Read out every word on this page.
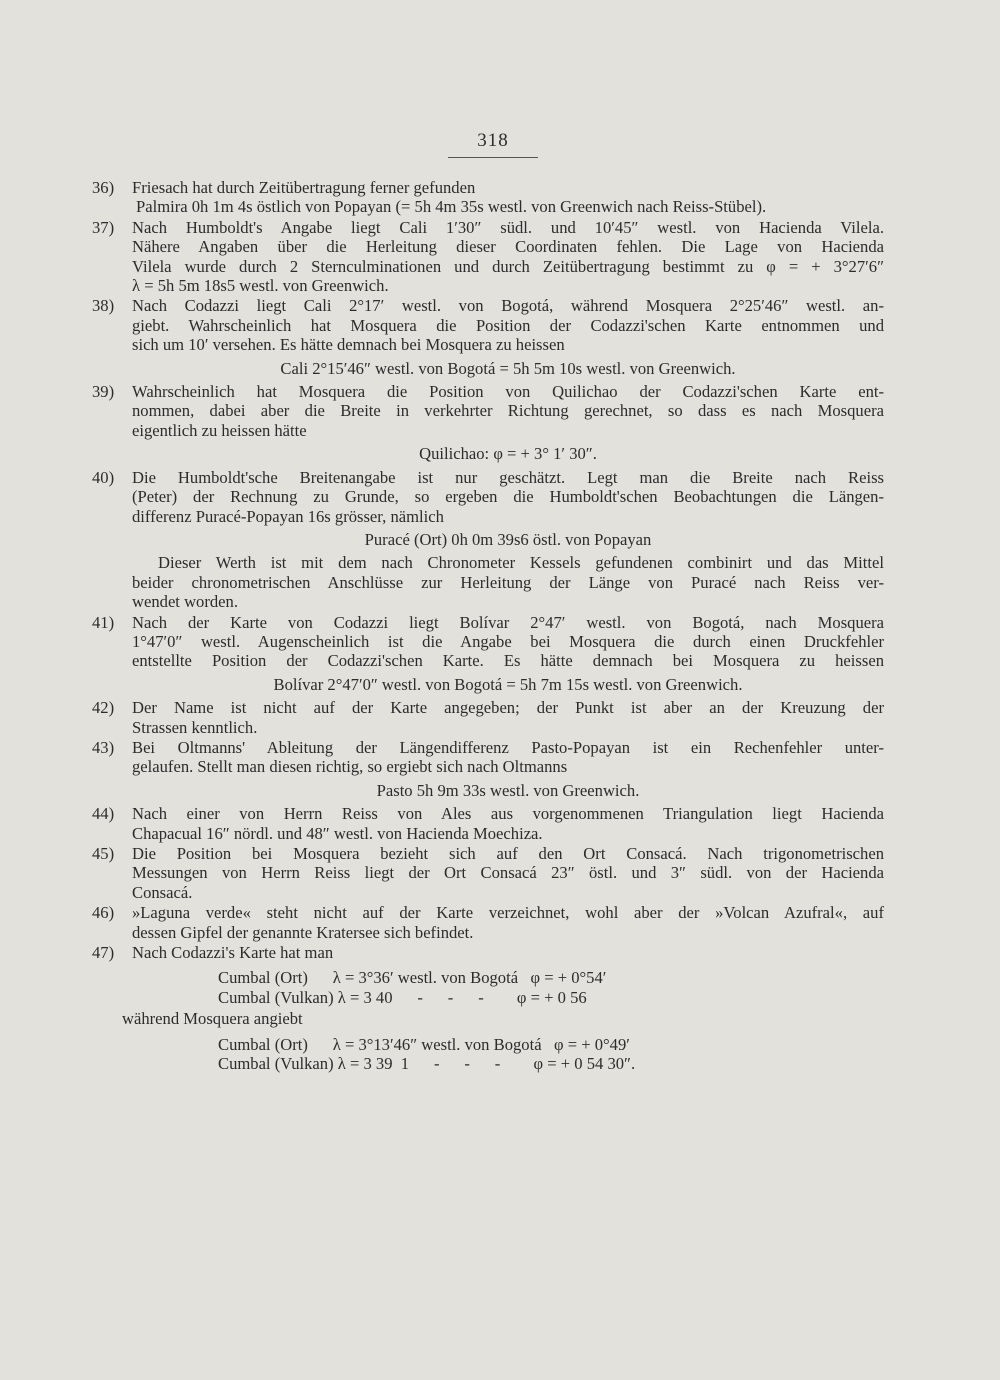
318
36) Friesach hat durch Zeitübertragung ferner gefunden
Palmira 0h 1m 4s östlich von Popayan (= 5h 4m 35s westl. von Greenwich nach Reiss-Stübel).
37) Nach Humboldt's Angabe liegt Cali 1′30″ südl. und 10′45″ westl. von Hacienda Vilela.
Nähere Angaben über die Herleitung dieser Coordinaten fehlen. Die Lage von Hacienda
Vilela wurde durch 2 Sternculminationen und durch Zeitübertragung bestimmt zu φ = + 3°27′6″
λ = 5h 5m 18s5 westl. von Greenwich.
38) Nach Codazzi liegt Cali 2°17′ westl. von Bogotá, während Mosquera 2°25′46″ westl. an-
giebt. Wahrscheinlich hat Mosquera die Position der Codazzi'schen Karte entnommen und
sich um 10′ versehen. Es hätte demnach bei Mosquera zu heissen
Cali 2°15′46″ westl. von Bogotá = 5h 5m 10s westl. von Greenwich.
39) Wahrscheinlich hat Mosquera die Position von Quilichao der Codazzi'schen Karte ent-
nommen, dabei aber die Breite in verkehrter Richtung gerechnet, so dass es nach Mosquera
eigentlich zu heissen hätte
Quilichao: φ = + 3° 1′ 30″.
40) Die Humboldt'sche Breitenangabe ist nur geschätzt. Legt man die Breite nach Reiss
(Peter) der Rechnung zu Grunde, so ergeben die Humboldt'schen Beobachtungen die Längen-
differenz Puracé-Popayan 16s grösser, nämlich
Puracé (Ort) 0h 0m 39s6 östl. von Popayan
Dieser Werth ist mit dem nach Chronometer Kessels gefundenen combinirt und das Mittel
beider chronometrischen Anschlüsse zur Herleitung der Länge von Puracé nach Reiss ver-
wendet worden.
41) Nach der Karte von Codazzi liegt Bolívar 2°47′ westl. von Bogotá, nach Mosquera
1°47′0″ westl. Augenscheinlich ist die Angabe bei Mosquera die durch einen Druckfehler
entstellte Position der Codazzi'schen Karte. Es hätte demnach bei Mosquera zu heissen
Bolívar 2°47′0″ westl. von Bogotá = 5h 7m 15s westl. von Greenwich.
42) Der Name ist nicht auf der Karte angegeben; der Punkt ist aber an der Kreuzung der
Strassen kenntlich.
43) Bei Oltmanns' Ableitung der Längendifferenz Pasto-Popayan ist ein Rechenfehler unter-
gelaufen. Stellt man diesen richtig, so ergiebt sich nach Oltmanns
Pasto 5h 9m 33s westl. von Greenwich.
44) Nach einer von Herrn Reiss von Ales aus vorgenommenen Triangulation liegt Hacienda
Chapacual 16″ nördl. und 48″ westl. von Hacienda Moechiza.
45) Die Position bei Mosquera bezieht sich auf den Ort Consacá. Nach trigonometrischen
Messungen von Herrn Reiss liegt der Ort Consacá 23″ östl. und 3″ südl. von der Hacienda
Consacá.
46) »Laguna verde« steht nicht auf der Karte verzeichnet, wohl aber der »Volcan Azufral«, auf
dessen Gipfel der genannte Kratersee sich befindet.
47) Nach Codazzi's Karte hat man
Cumbal (Ort)      λ = 3°36′ westl. von Bogotá   φ = + 0°54′
Cumbal (Vulkan) λ = 3 40      -      -      -        φ = + 0 56
während Mosquera angiebt
Cumbal (Ort)      λ = 3°13′46″ westl. von Bogotá   φ = + 0°49′
Cumbal (Vulkan) λ = 3 39  1      -      -      -        φ = + 0 54 30″.
